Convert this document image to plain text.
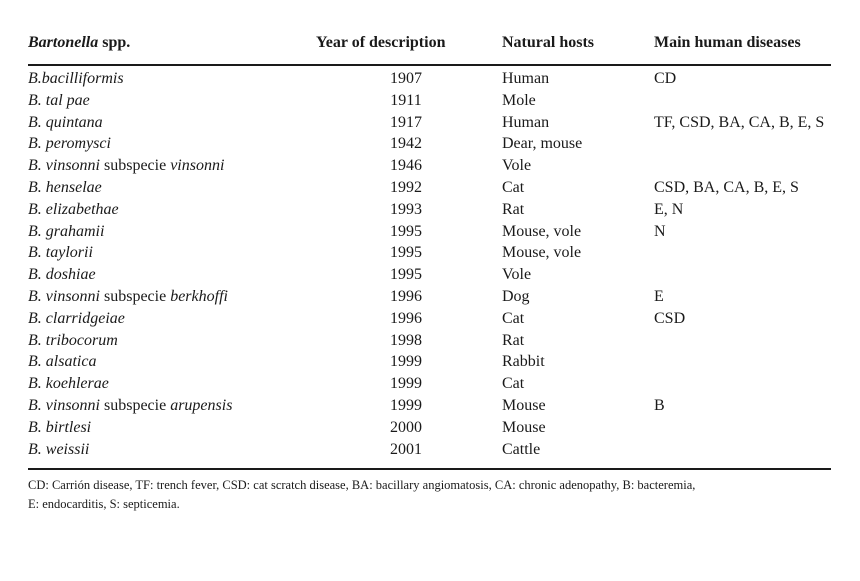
Bartonella spp.	Year of description	Natural hosts	Main human diseases
B.bacilliformis	1907	Human	CD
B. tal pae	1911	Mole	
B. quintana	1917	Human	TF, CSD, BA, CA, B, E, S
B. peromysci	1942	Dear, mouse	
B. vinsonni subspecie vinsonni	1946	Vole	
B. henselae	1992	Cat	CSD, BA, CA, B, E, S
B. elizabethae	1993	Rat	E, N
B. grahamii	1995	Mouse, vole	N
B. taylorii	1995	Mouse, vole	
B. doshiae	1995	Vole	
B. vinsonni subspecie berkhoffi	1996	Dog	E
B. clarridgeiae	1996	Cat	CSD
B. tribocorum	1998	Rat	
B. alsatica	1999	Rabbit	
B. koehlerae	1999	Cat	
B. vinsonni subspecie arupensis	1999	Mouse	B
B. birtlesi	2000	Mouse	
B. weissii	2001	Cattle	
CD: Carrión disease, TF: trench fever, CSD: cat scratch disease, BA: bacillary angiomatosis, CA: chronic adenopathy, B: bacteremia,
E: endocarditis, S: septicemia.
